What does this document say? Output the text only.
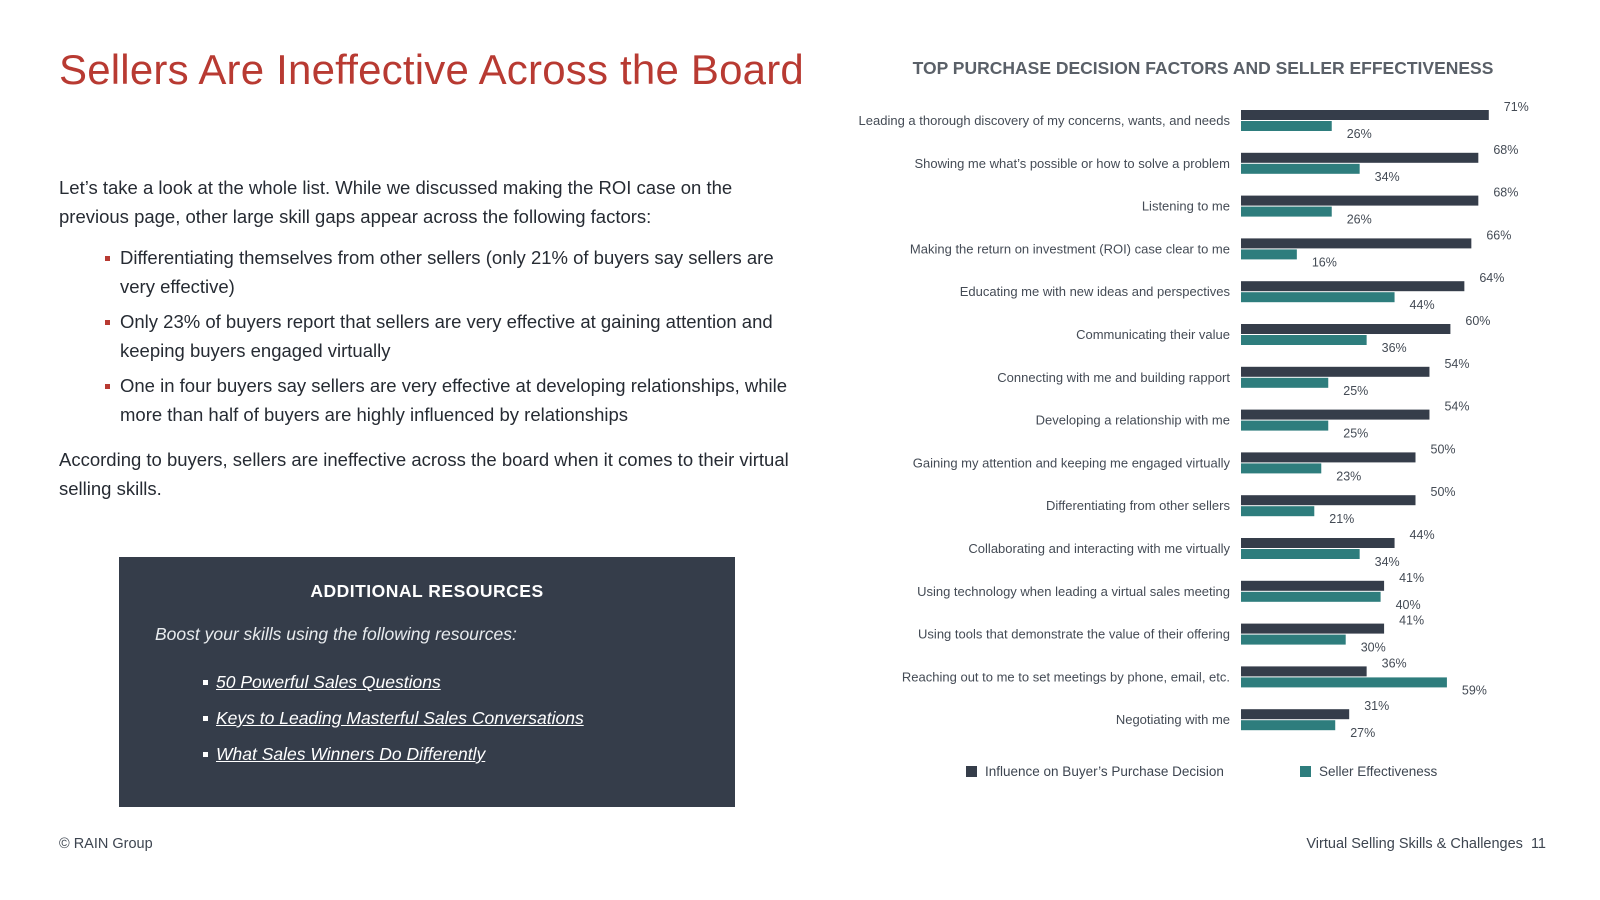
Sellers Are Ineffective Across the Board

Let’s take a look at the whole list. While we discussed making the ROI case on the previous page, other large skill gaps appear across the following factors:

Differentiating themselves from other sellers (only 21% of buyers say sellers are very effective)
Only 23% of buyers report that sellers are very effective at gaining attention and keeping buyers engaged virtually
One in four buyers say sellers are very effective at developing relationships, while more than half of buyers are highly influenced by relationships

According to buyers, sellers are ineffective across the board when it comes to their virtual selling skills.

ADDITIONAL RESOURCES

Boost your skills using the following resources:

50 Powerful Sales Questions
Keys to Leading Masterful Sales Conversations
What Sales Winners Do Differently
TOP PURCHASE DECISION FACTORS AND SELLER EFFECTIVENESS
Leading a thorough discovery of my concerns, wants, and needs
71%
26%
Showing me what’s possible or how to solve a problem
68%
34%
Listening to me
68%
26%
Making the return on investment (ROI) case clear to me
66%
16%
Educating me with new ideas and perspectives
64%
44%
Communicating their value
60%
36%
Connecting with me and building rapport
54%
25%
Developing a relationship with me
54%
25%
Gaining my attention and keeping me engaged virtually
50%
23%
Differentiating from other sellers
50%
21%
Collaborating and interacting with me virtually
44%
34%
Using technology when leading a virtual sales meeting
41%
40%
Using tools that demonstrate the value of their offering
41%
30%
Reaching out to me to set meetings by phone, email, etc.
36%
59%
Negotiating with me
31%
27%
Influence on Buyer’s Purchase Decision	Seller Effectiveness
© RAIN Group	Virtual Selling Skills & Challenges 11
